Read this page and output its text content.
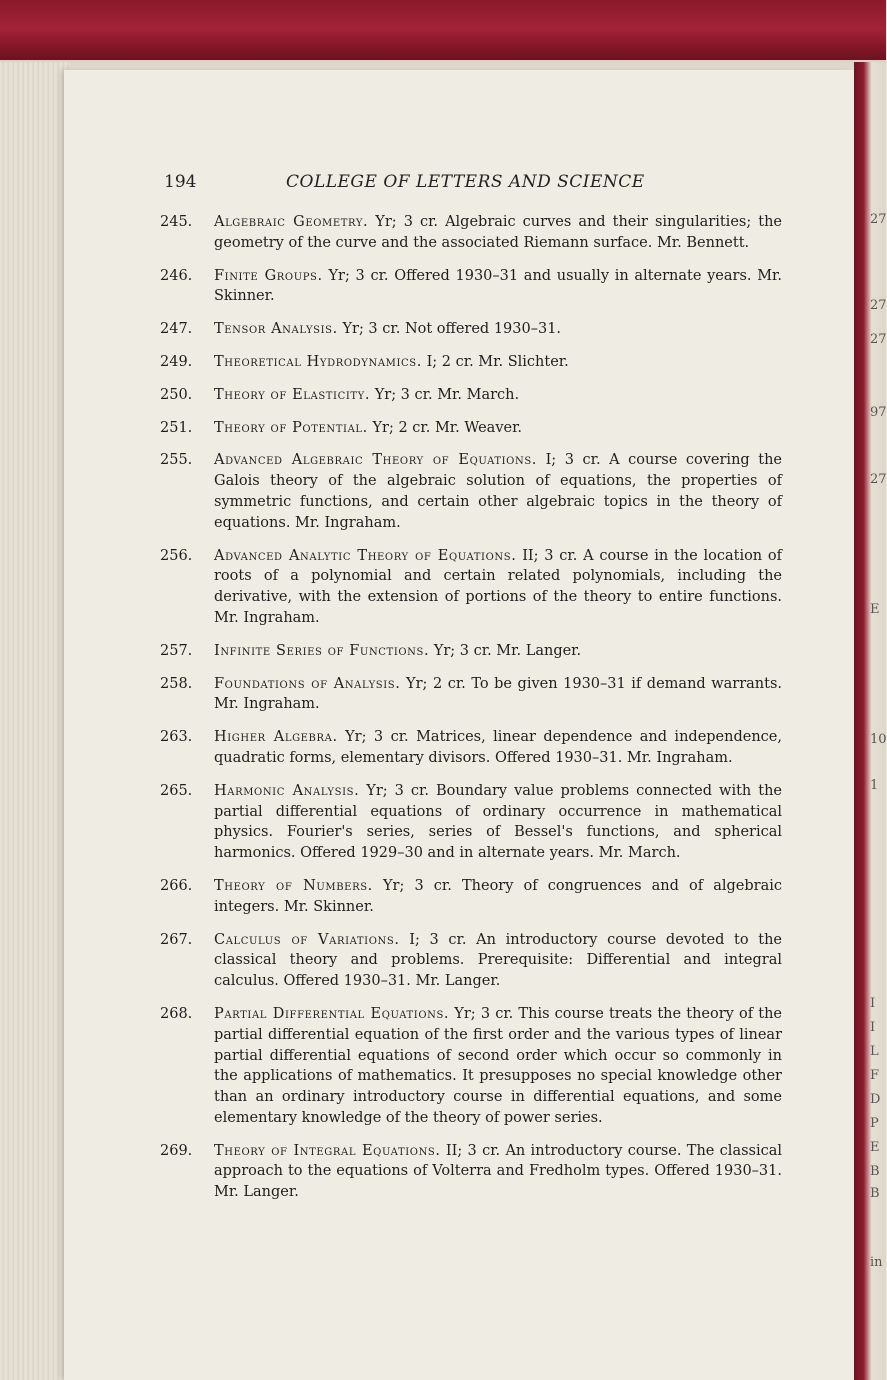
27
27
27
97
27
E
10
1
I
I
L
F
D
P
E
B
B
in
194	COLLEGE OF LETTERS AND SCIENCE
245.	Algebraic Geometry. Yr; 3 cr. Algebraic curves and their singularities; the geometry of the curve and the associated Riemann surface. Mr. Bennett.
246.	Finite Groups. Yr; 3 cr. Offered 1930–31 and usually in alternate years. Mr. Skinner.
247.	Tensor Analysis. Yr; 3 cr. Not offered 1930–31.
249.	Theoretical Hydrodynamics. I; 2 cr. Mr. Slichter.
250.	Theory of Elasticity. Yr; 3 cr. Mr. March.
251.	Theory of Potential. Yr; 2 cr. Mr. Weaver.
255.	Advanced Algebraic Theory of Equations. I; 3 cr. A course covering the Galois theory of the algebraic solution of equations, the properties of symmetric functions, and certain other algebraic topics in the theory of equations. Mr. Ingraham.
256.	Advanced Analytic Theory of Equations. II; 3 cr. A course in the location of roots of a polynomial and certain related polynomials, including the derivative, with the extension of portions of the theory to entire functions. Mr. Ingraham.
257.	Infinite Series of Functions. Yr; 3 cr. Mr. Langer.
258.	Foundations of Analysis. Yr; 2 cr. To be given 1930–31 if demand warrants. Mr. Ingraham.
263.	Higher Algebra. Yr; 3 cr. Matrices, linear dependence and independence, quadratic forms, elementary divisors. Offered 1930–31. Mr. Ingraham.
265.	Harmonic Analysis. Yr; 3 cr. Boundary value problems connected with the partial differential equations of ordinary occurrence in mathematical physics. Fourier's series, series of Bessel's functions, and spherical harmonics. Offered 1929–30 and in alternate years. Mr. March.
266.	Theory of Numbers. Yr; 3 cr. Theory of congruences and of algebraic integers. Mr. Skinner.
267.	Calculus of Variations. I; 3 cr. An introductory course devoted to the classical theory and problems. Prerequisite: Differential and integral calculus. Offered 1930–31. Mr. Langer.
268.	Partial Differential Equations. Yr; 3 cr. This course treats the theory of the partial differential equation of the first order and the various types of linear partial differential equations of second order which occur so commonly in the applications of mathematics. It presupposes no special knowledge other than an ordinary introductory course in differential equations, and some elementary knowledge of the theory of power series.
269.	Theory of Integral Equations. II; 3 cr. An introductory course. The classical approach to the equations of Volterra and Fredholm types. Offered 1930–31. Mr. Langer.
